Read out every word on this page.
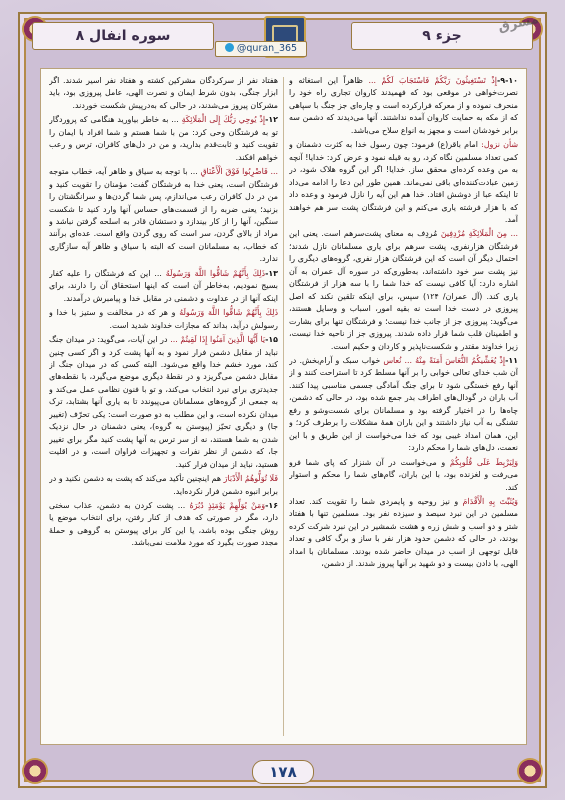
سوره انفال ۸	جزء ۹
مشرق
@quran_365

۹-۱۰-إِذْ تَسْتَغِيثُونَ رَبَّكُمْ فَاسْتَجَابَ لَكُمْ ... ظاهراً این استغاثه و نصرت‌خواهی در موقعی بود که فهمیدند کاروان تجاری راه خود را منحرف نموده و از معرکه فرارکرده است و چاره‌ای جز جنگ با سپاهی که از مکه به حمایت کاروان آمده نداشتند. آنها می‌دیدند که دشمن سه برابر خودشان است و مجهز به انواع سلاح می‌باشد.

شأن نزول: امام باقر(ع) فرمود: چون رسول خدا به کثرت دشمنان و کمی تعداد مسلمین نگاه کرد، رو به قبله نمود و عرض کرد: خدایا! آنچه به من وعده کرده‌ای محقق ساز. خدایا! اگر این گروه هلاک شود، در زمین عبادت‌کننده‌ای باقی نمی‌ماند. همین طور این دعا را ادامه می‌داد تا اینکه عبا از دوشش افتاد. خدا هم این آیه را نازل فرمود و وعده داد که با هزار فرشته یاری می‌کنم و این فرشتگان پشت سر هم خواهند آمد.

... مِنَ الْمَلَائِكَةِ مُرْدِفِينَ مُردِف به معنای پشت‌سرهم است. یعنی این فرشتگان هزارنفری، پشت سرهم برای یاری مسلمانان نازل شدند؛ احتمال دیگر آن است که این فرشتگان هزار نفری، گروه‌های دیگری را نیز پشت سر خود داشته‌اند، به‌طوری‌که در سوره آل عمران به آن اشاره دارد: آیا کافی نیست که خدا شما را با سه هزار از فرشتگان یاری کند. (آل عمران/ ۱۲۴) سپس، برای اینکه تلقین نکند که اصل پیروزی در دست خدا است نه بقیه امور، اسباب و وسایل هستند، می‌گوید: پیروزی جز از جانب خدا نیست؛ و فرشتگان تنها برای بشارت و اطمینان قلب شما قرار داده شدند. پیروزی جز از ناحیه خدا نیست، زیرا خداوند مقتدر و شکست‌ناپذیر و کاردان و حکیم است.

۱۱-إِذْ يُغَشِّيكُمُ النُّعَاسَ أَمَنَةً مِنْهُ ... نُعاس خواب سبک و آرام‌بخش. در آن شب خدای تعالی خوابی را بر آنها مسلط کرد تا استراحت کنند و از آنها رفع خستگی شود تا برای جنگ آمادگی جسمی مناسبی پیدا کنند. آب باران در گودال‌های اطراف بدر جمع شده بود، در حالی که دشمن، چاه‌ها را در اختیار گرفته بود و مسلمانان برای شست‌وشو و رفع تشنگی به آب نیاز داشتند و این باران همهٔ مشکلات را برطرف کرد؛ و این، همان امداد غیبی بود که خدا می‌خواست از این طریق و با این نعمت، دل‌های شما را محکم دارد:

وَلِيَرْبِطَ عَلَى قُلُوبِكُمْ و می‌خواست در آن شنزار که پای شما فرو می‌رفت و لغزنده بود، با این باران، گام‌های شما را محکم و استوار کند.

وَيُثَبِّتَ بِهِ الْأَقْدَامَ و نیز روحیه و پایمردی شما را تقویت کند. تعداد مسلمین در این نبرد سیصد و سیزده نفر بود. مسلمین تنها با هفتاد شتر و دو اسب و شش زره و هشت شمشیر در این نبرد شرکت کرده بودند، در حالی که دشمن حدود هزار نفر با ساز و برگ کافی و تعداد قابل توجهی از اسب در میدان حاضر شده بودند. مسلمانان با امداد الهی، با دادن بیست و دو شهید بر آنها پیروز شدند. از دشمن،

هفتاد نفر از سرکردگان مشرکین کشته و هفتاد نفر اسیر شدند. اگر ابزار جنگی، بدون شرط ایمان و نصرت الهی، عامل پیروزی بود، باید مشرکان پیروز می‌شدند، در حالی که به‌درپیش شکست خوردند.

۱۲-إِذْ يُوحِي رَبُّكَ إِلَى الْمَلَائِكَةِ ... به خاطر بیاورید هنگامی که پروردگار تو به فرشتگان وحی کرد: من با شما هستم و شما افراد با ایمان را تقویت کنید و ثابت‌قدم بدارید، و من در دل‌های کافران، ترس و رعب خواهم افکند.

... فَاضْرِبُوا فَوْقَ الْأَعْنَاقِ ... با توجه به سیاق و ظاهر آیه، خطاب متوجه فرشتگان است، یعنی خدا به فرشتگان گفت: مؤمنان را تقویت کنید و من در دل کافران رعب می‌اندازم، پس شما گردن‌ها و سرانگشتان را بزنید؛ یعنی ضربه را از قسمت‌های حساس آنها وارد کنید تا شکست سنگین، آنها را از کار بیندازد و دستشان قادر به اسلحه گرفتن نباشد و مراد از بالای گردن، سر است که روی گردن واقع است. عده‌ای برآنند که خطاب، به مسلمانان است که البته با سیاق و ظاهر آیه سازگاری ندارد.

۱۳-ذَلِكَ بِأَنَّهُمْ شَاقُّوا اللَّهَ وَرَسُولَهُ ... این که فرشتگان را علیه کفار بسیج نمودیم، به‌خاطر آن است که اینها استحقاق آن را دارند، برای اینکه آنها از در عداوت و دشمنی در مقابل خدا و پیامبرش درآمدند.

ذَلِكَ بِأَنَّهُمْ شَاقُّوا اللَّهَ وَرَسُولَهُ و هر که در مخالفت و ستیز با خدا و رسولش درآید، بداند که مجازات خداوند شدید است.

۱۵-يَا أَيُّهَا الَّذِينَ آمَنُوا إِذَا لَقِيتُمْ ... در این آیات، می‌گوید: در میدان جنگ نباید از مقابل دشمن فرار نمود و به آنها پشت کرد و اگر کسی چنین کند، مورد خشم خدا واقع می‌شود. البته کسی که در میدان جنگ از مقابل دشمن می‌گریزد و در نقطهٔ دیگری موضع می‌گیرد، با نقطه‌های جدیدتری برای نبرد انتخاب می‌کند، و تو با فنون نظامی عمل می‌کند و به جمعی از گروه‌های مسلمانان می‌پیوندد تا به یاری آنها بشتابد، ترک میدان نکرده است، و این مطلب به دو صورت است: یکی تحرّف (تغییر جا) و دیگری تحیّز (پیوستن به گروه)، یعنی دشمنان در حال نزدیک شدن به شما هستند، نه از سر ترس به آنها پشت کنید مگر برای تغییر جا، که دشمن از نظر نفرات و تجهیزات فراوان است، و در اقلیت هستید، نباید از میدان فرار کنید.

فَلَا تُوَلُّوهُمُ الْأَدْبَارَ هم اینچنین تأکید می‌کند که پشت به دشمن نکنید و در برابر انبوه دشمن فرار نکرده‌اید.

۱۶-وَمَنْ يُوَلِّهِمْ يَوْمَئِذٍ دُبُرَهُ ... پشت کردن به دشمن، عذاب سختی دارد، مگر در صورتی که هدف از کنار رفتن، برای انتخاب موضع یا روش جنگی بوده باشد، یا این کار برای پیوستن به گروهی و حملهٔ مجدد صورت بگیرد که مورد ملامت نمی‌باشد.

۱۷۸
